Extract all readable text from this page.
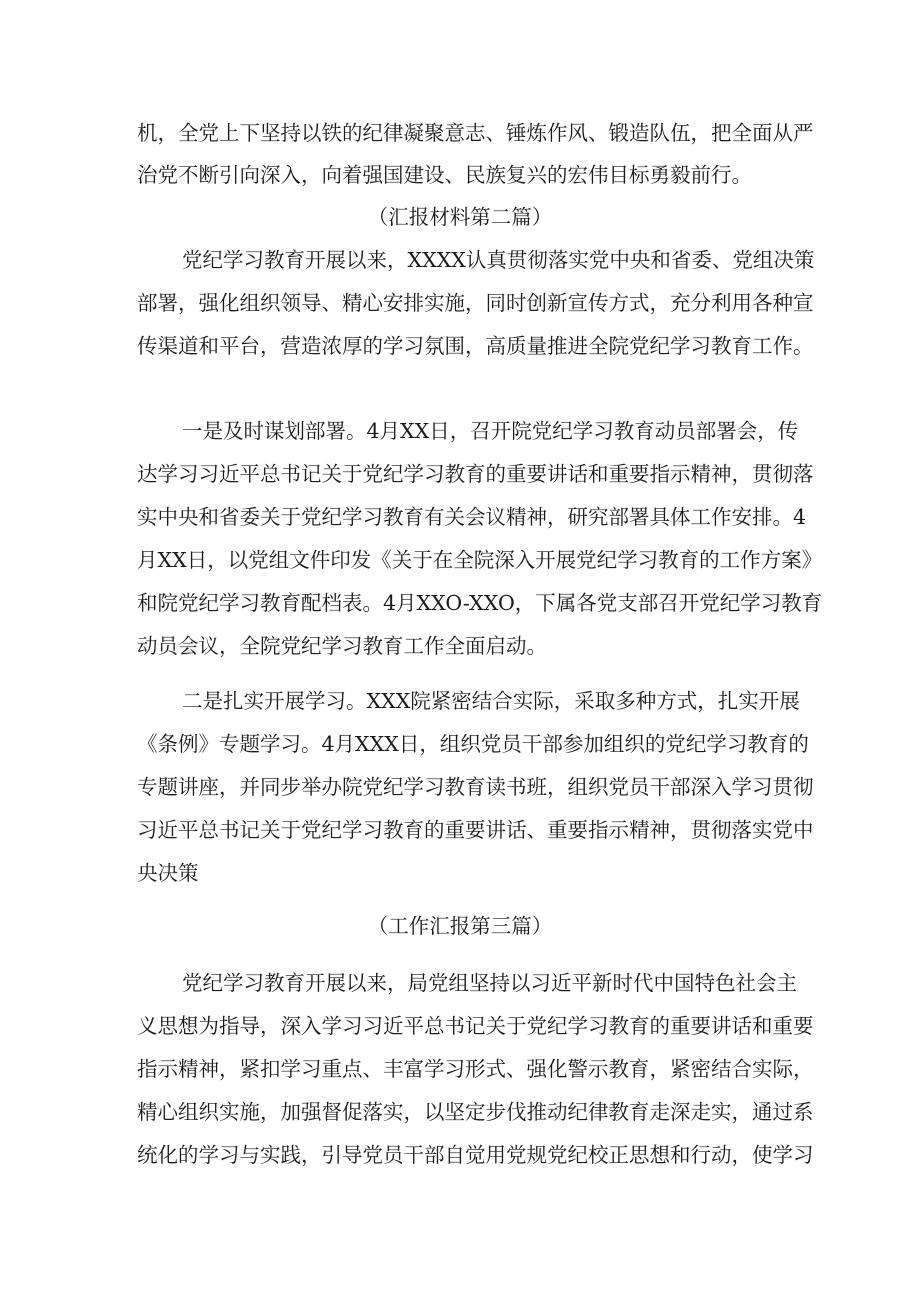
机，全党上下坚持以铁的纪律凝聚意志、锤炼作风、锻造队伍，把全面从严
治党不断引向深入，向着强国建设、民族复兴的宏伟目标勇毅前行。
（汇报材料第二篇）
党纪学习教育开展以来，XXXX认真贯彻落实党中央和省委、党组决策
部署，强化组织领导、精心安排实施，同时创新宣传方式，充分利用各种宣
传渠道和平台，营造浓厚的学习氛围，高质量推进全院党纪学习教育工作。
一是及时谋划部署。4月XX日，召开院党纪学习教育动员部署会，传
达学习习近平总书记关于党纪学习教育的重要讲话和重要指示精神，贯彻落
实中央和省委关于党纪学习教育有关会议精神，研究部署具体工作安排。4
月XX日，以党组文件印发《关于在全院深入开展党纪学习教育的工作方案》
和院党纪学习教育配档表。4月XXO-XXO，下属各党支部召开党纪学习教育
动员会议，全院党纪学习教育工作全面启动。
二是扎实开展学习。XXX院紧密结合实际，采取多种方式，扎实开展
《条例》专题学习。4月XXX日，组织党员干部参加组织的党纪学习教育的
专题讲座，并同步举办院党纪学习教育读书班，组织党员干部深入学习贯彻
习近平总书记关于党纪学习教育的重要讲话、重要指示精神，贯彻落实党中
央决策
（工作汇报第三篇）
党纪学习教育开展以来，局党组坚持以习近平新时代中国特色社会主
义思想为指导，深入学习习近平总书记关于党纪学习教育的重要讲话和重要
指示精神，紧扣学习重点、丰富学习形式、强化警示教育，紧密结合实际，
精心组织实施，加强督促落实，以坚定步伐推动纪律教育走深走实，通过系
统化的学习与实践，引导党员干部自觉用党规党纪校正思想和行动，使学习
